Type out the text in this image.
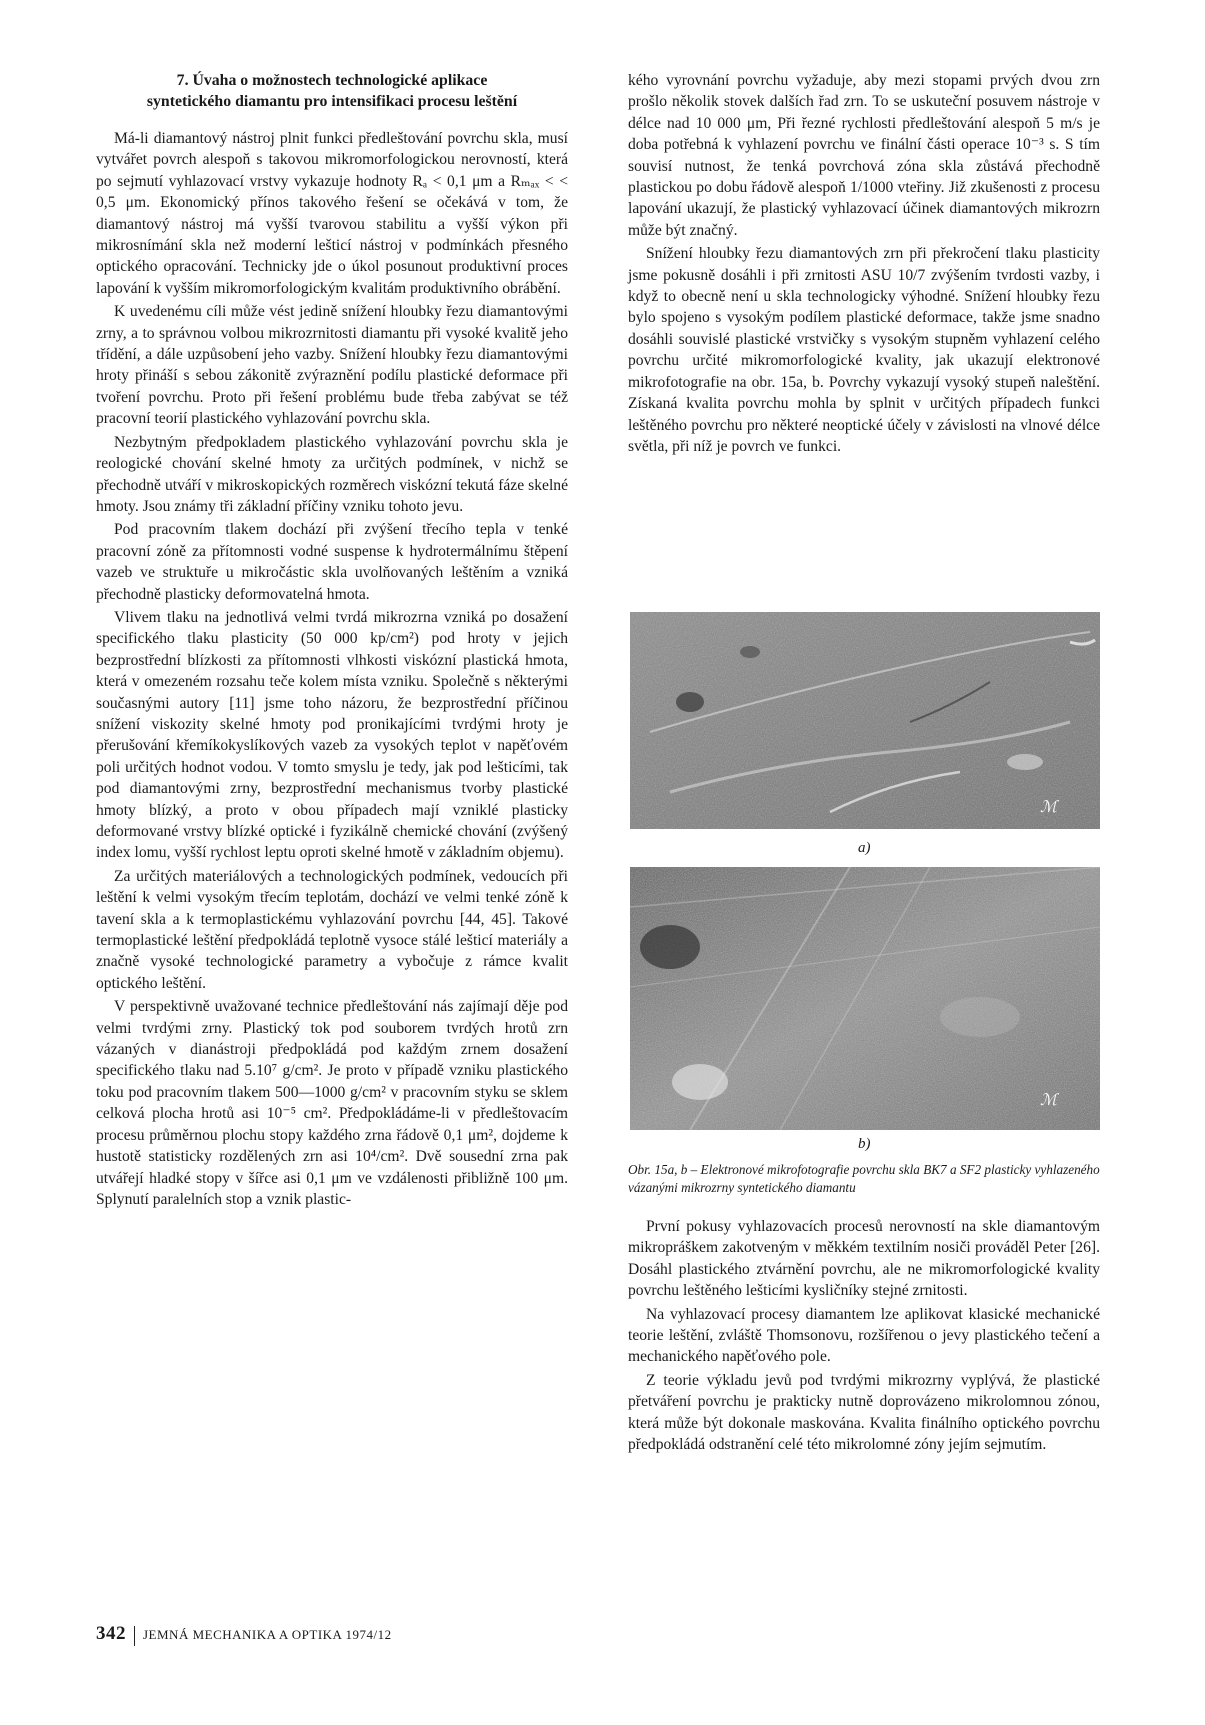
7. Úvaha o možnostech technologické aplikace
syntetického diamantu pro intensifikaci procesu leštění

Má-li diamantový nástroj plnit funkci předleštování povrchu skla, musí vytvářet povrch alespoň s takovou mikromorfologickou nerovností, která po sejmutí vyhlazovací vrstvy vykazuje hodnoty Rₐ < 0,1 μm a Rₘₐₓ < < 0,5 μm. Ekonomický přínos takového řešení se očekává v tom, že diamantový nástroj má vyšší tvarovou stabilitu a vyšší výkon při mikrosnímání skla než moderní lešticí nástroj v podmínkách přesného optického opracování. Technicky jde o úkol posunout produktivní proces lapování k vyšším mikromorfologickým kvalitám produktivního obrábění.

K uvedenému cíli může vést jedině snížení hloubky řezu diamantovými zrny, a to správnou volbou mikrozrnitosti diamantu při vysoké kvalitě jeho třídění, a dále uzpůsobení jeho vazby. Snížení hloubky řezu diamantovými hroty přináší s sebou zákonitě zvýraznění podílu plastické deformace při tvoření povrchu. Proto při řešení problému bude třeba zabývat se též pracovní teorií plastického vyhlazování povrchu skla.

Nezbytným předpokladem plastického vyhlazování povrchu skla je reologické chování skelné hmoty za určitých podmínek, v nichž se přechodně utváří v mikroskopických rozměrech viskózní tekutá fáze skelné hmoty. Jsou známy tři základní příčiny vzniku tohoto jevu.

Pod pracovním tlakem dochází při zvýšení třecího tepla v tenké pracovní zóně za přítomnosti vodné suspense k hydrotermálnímu štěpení vazeb ve struktuře u mikročástic skla uvolňovaných leštěním a vzniká přechodně plasticky deformovatelná hmota.

Vlivem tlaku na jednotlivá velmi tvrdá mikrozrna vzniká po dosažení specifického tlaku plasticity (50 000 kp/cm²) pod hroty v jejich bezprostřední blízkosti za přítomnosti vlhkosti viskózní plastická hmota, která v omezeném rozsahu teče kolem místa vzniku. Společně s některými současnými autory [11] jsme toho názoru, že bezprostřední příčinou snížení viskozity skelné hmoty pod pronikajícími tvrdými hroty je přerušování křemíkokyslíkových vazeb za vysokých teplot v napěťovém poli určitých hodnot vodou. V tomto smyslu je tedy, jak pod lešticími, tak pod diamantovými zrny, bezprostřední mechanismus tvorby plastické hmoty blízký, a proto v obou případech mají vzniklé plasticky deformované vrstvy blízké optické i fyzikálně chemické chování (zvýšený index lomu, vyšší rychlost leptu oproti skelné hmotě v základním objemu).

Za určitých materiálových a technologických podmínek, vedoucích při leštění k velmi vysokým třecím teplotám, dochází ve velmi tenké zóně k tavení skla a k termoplastickému vyhlazování povrchu [44, 45]. Takové termoplastické leštění předpokládá teplotně vysoce stálé lešticí materiály a značně vysoké technologické parametry a vybočuje z rámce kvalit optického leštění.

V perspektivně uvažované technice předleštování nás zajímají děje pod velmi tvrdými zrny. Plastický tok pod souborem tvrdých hrotů zrn vázaných v dianástroji předpokládá pod každým zrnem dosažení specifického tlaku nad 5.10⁷ g/cm². Je proto v případě vzniku plastického toku pod pracovním tlakem 500—1000 g/cm² v pracovním styku se sklem celková plocha hrotů asi 10⁻⁵ cm². Předpokládáme-li v předleštovacím procesu průměrnou plochu stopy každého zrna řádově 0,1 μm², dojdeme k hustotě statisticky rozdělených zrn asi 10⁴/cm². Dvě sousední zrna pak utvářejí hladké stopy v šířce asi 0,1 μm ve vzdálenosti přibližně 100 μm. Splynutí paralelních stop a vznik plastic-

kého vyrovnání povrchu vyžaduje, aby mezi stopami prvých dvou zrn prošlo několik stovek dalších řad zrn. To se uskuteční posuvem nástroje v délce nad 10 000 μm, Při řezné rychlosti předleštování alespoň 5 m/s je doba potřebná k vyhlazení povrchu ve finální části operace 10⁻³ s. S tím souvisí nutnost, že tenká povrchová zóna skla zůstává přechodně plastickou po dobu řádově alespoň 1/1000 vteřiny. Již zkušenosti z procesu lapování ukazují, že plastický vyhlazovací účinek diamantových mikrozrn může být značný.

Snížení hloubky řezu diamantových zrn při překročení tlaku plasticity jsme pokusně dosáhli i při zrnitosti ASU 10/7 zvýšením tvrdosti vazby, i když to obecně není u skla technologicky výhodné. Snížení hloubky řezu bylo spojeno s vysokým podílem plastické deformace, takže jsme snadno dosáhli souvislé plastické vrstvičky s vysokým stupněm vyhlazení celého povrchu určité mikromorfologické kvality, jak ukazují elektronové mikrofotografie na obr. 15a, b. Povrchy vykazují vysoký stupeň naleštění. Získaná kvalita povrchu mohla by splnit v určitých případech funkci leštěného povrchu pro některé neoptické účely v závislosti na vlnové délce světla, při níž je povrch ve funkci.

ℳ
a)
ℳ
b)
Obr. 15a, b – Elektronové mikrofotografie povrchu skla BK7 a SF2 plasticky vyhlazeného vázanými mikrozrny syntetického diamantu

První pokusy vyhlazovacích procesů nerovností na skle diamantovým mikropráškem zakotveným v měkkém textilním nosiči prováděl Peter [26]. Dosáhl plastického ztvárnění povrchu, ale ne mikromorfologické kvality povrchu leštěného lešticími kysličníky stejné zrnitosti.

Na vyhlazovací procesy diamantem lze aplikovat klasické mechanické teorie leštění, zvláště Thomsonovu, rozšířenou o jevy plastického tečení a mechanického napěťového pole.

Z teorie výkladu jevů pod tvrdými mikrozrny vyplývá, že plastické přetváření povrchu je prakticky nutně doprovázeno mikrolomnou zónou, která může být dokonale maskována. Kvalita finálního optického povrchu předpokládá odstranění celé této mikrolomné zóny jejím sejmutím.

342 JEMNÁ MECHANIKA A OPTIKA 1974/12
